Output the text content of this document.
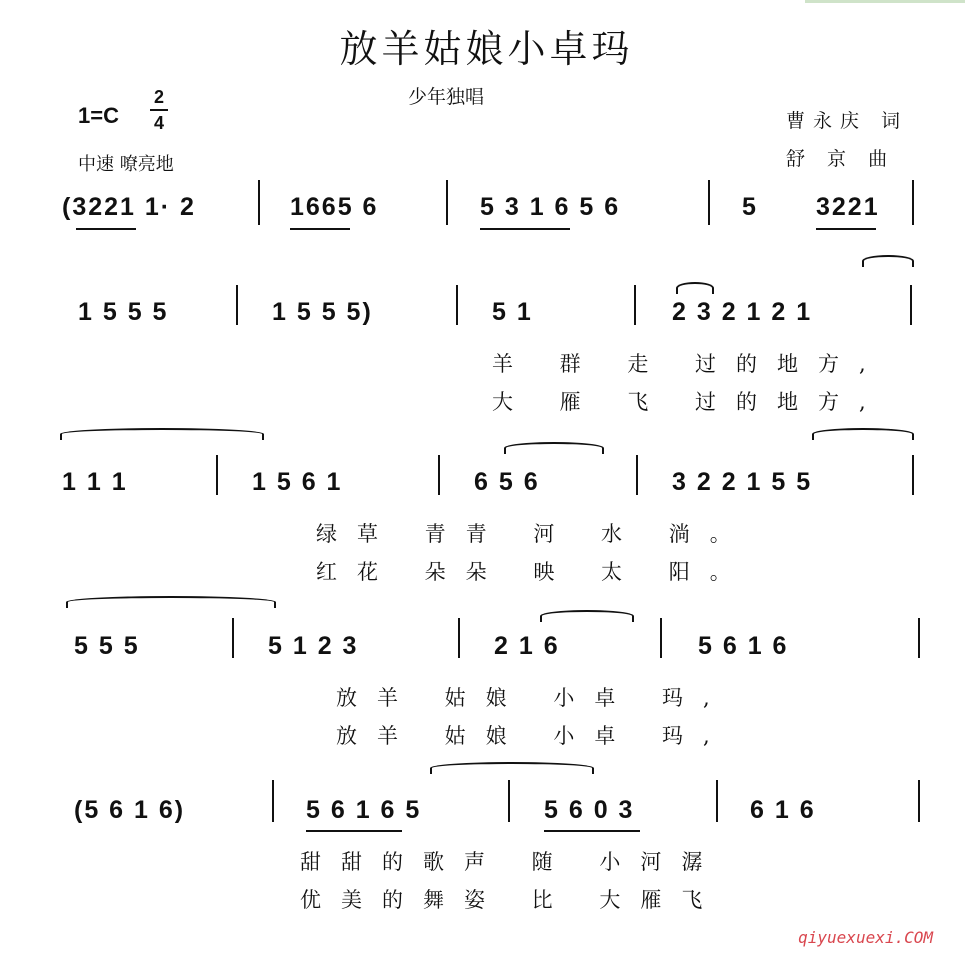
放羊姑娘小卓玛
少年独唱
1=C
2
4
中速 嘹亮地
曹永庆 词
舒 京 曲
(3221 1· 2	1665 6	5 3 1 6 5 6	5 3221
1 5 5 5	1 5 5 5)	5 1	2 3 2 1 2 1
羊 群 走 过的地方,
大 雁 飞 过的地方,
1 1 1	1 5 6 1	6 5 6	3 2 2 1 5 5
绿草 青青 河 水 淌。
红花 朵朵 映 太 阳。
5 5 5	5 1 2 3	2 1 6	5 6 1 6
放羊 姑娘 小卓 玛,
放羊 姑娘 小卓 玛,
(5 6 1 6)	5 6 1 6 5	5 6 0 3	6 1 6
甜甜的歌声 随 小河潺
优美的舞姿 比 大雁飞
qiyuexuexi.COM
